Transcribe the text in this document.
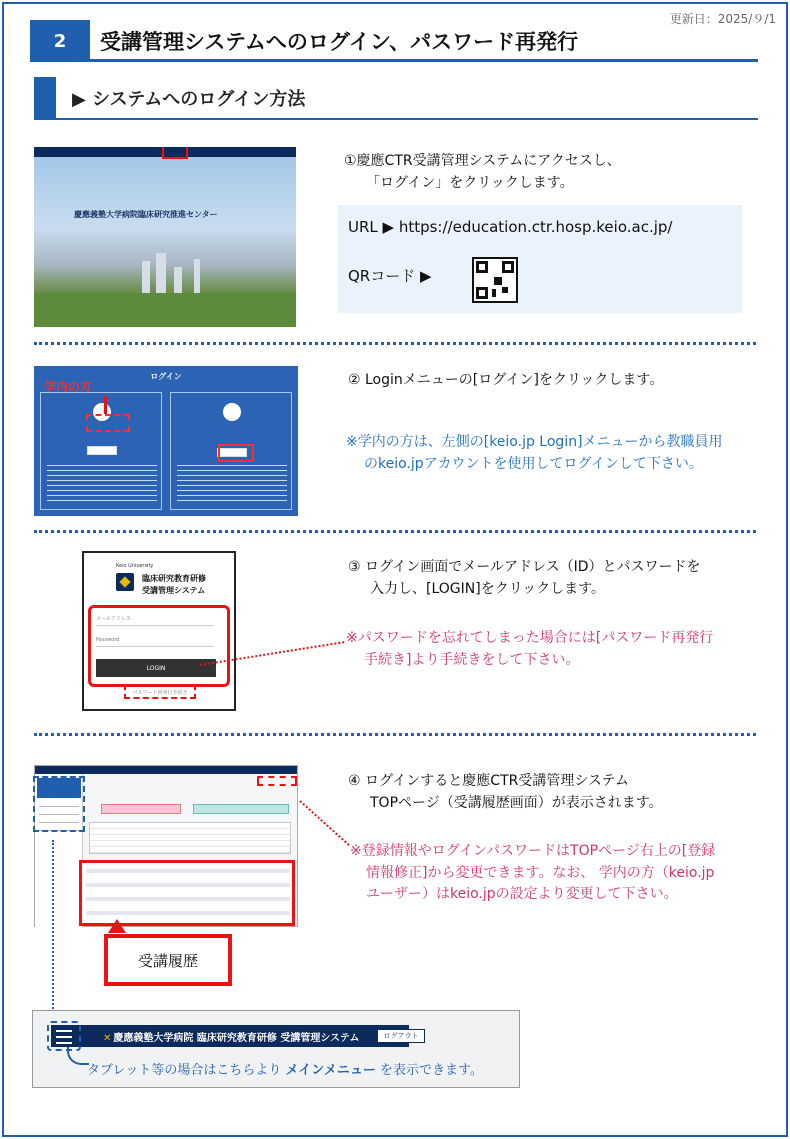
更新日：2025/９/1
2	受講管理システムへのログイン、パスワード再発行
▶ システムへのログイン方法
慶應義塾大学病院臨床研究推進センター
①慶應CTR受講管理システムにアクセスし、
「ログイン」をクリックします。
URL ▶ https://education.ctr.hosp.keio.ac.jp/
QRコード ▶
ログイン
学内の方	② Loginメニューの[ログイン]をクリックします。
※学内の方は、左側の[keio.jp Login]メニューから教職員用
のkeio.jpアカウントを使用してログインして下さい。
Keio University
臨床研究教育研修
受講管理システム
メールアドレス
Password
LOGIN
パスワード再発行手続き
③ ログイン画面でメールアドレス（ID）とパスワードを
入力し、[LOGIN]をクリックします。
※パスワードを忘れてしまった場合には[パスワード再発行
手続き]より手続きをして下さい。
受講履歴
④ ログインすると慶應CTR受講管理システム
TOPページ（受講履歴画面）が表示されます。
※登録情報やログインパスワードはTOPページ右上の[登録
情報修正]から変更できます。なお、 学内の方（keio.jp
ユーザー）はkeio.jpの設定より変更して下さい。
✕ 慶應義塾大学病院 臨床研究教育研修 受講管理システム	ログアウト
タブレット等の場合はこちらより メインメニュー を表示できます。
